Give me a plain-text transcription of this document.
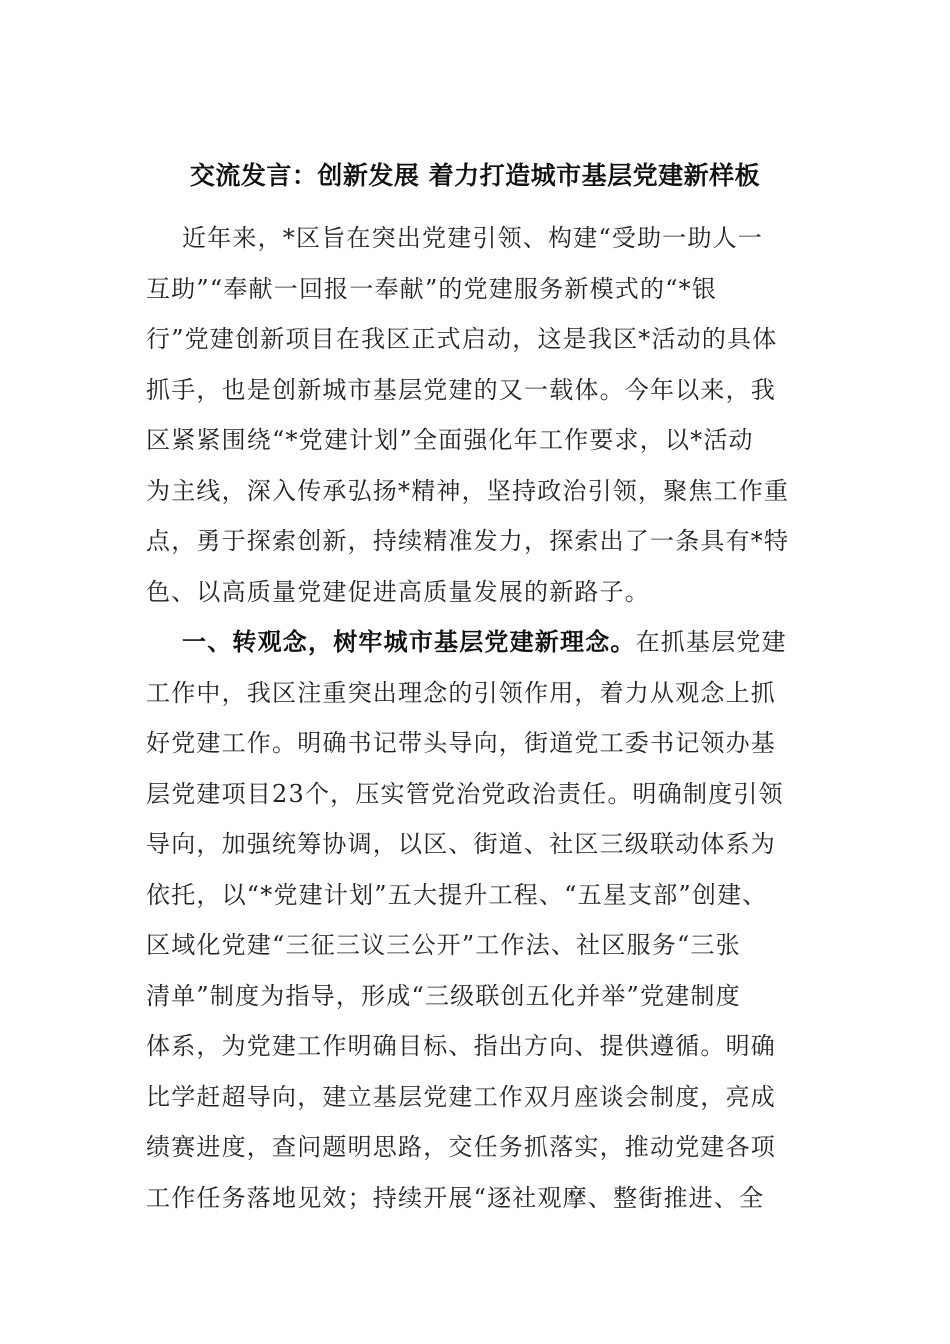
交流发言：创新发展 着力打造城市基层党建新样板
近年来，*区旨在突出党建引领、构建“受助一助人一
互助”“奉献一回报一奉献”的党建服务新模式的“*银
行”党建创新项目在我区正式启动，这是我区*活动的具体
抓手，也是创新城市基层党建的又一载体。今年以来，我
区紧紧围绕“*党建计划”全面强化年工作要求，以*活动
为主线，深入传承弘扬*精神，坚持政治引领，聚焦工作重
点，勇于探索创新，持续精准发力，探索出了一条具有*特
色、以高质量党建促进高质量发展的新路子。
一、转观念，树牢城市基层党建新理念。在抓基层党建
工作中，我区注重突出理念的引领作用，着力从观念上抓
好党建工作。明确书记带头导向，街道党工委书记领办基
层党建项目23个，压实管党治党政治责任。明确制度引领
导向，加强统筹协调，以区、街道、社区三级联动体系为
依托，以“*党建计划”五大提升工程、“五星支部”创建、
区域化党建“三征三议三公开”工作法、社区服务“三张
清单”制度为指导，形成“三级联创五化并举”党建制度
体系，为党建工作明确目标、指出方向、提供遵循。明确
比学赶超导向，建立基层党建工作双月座谈会制度，亮成
绩赛进度，查问题明思路，交任务抓落实，推动党建各项
工作任务落地见效；持续开展“逐社观摩、整街推进、全
